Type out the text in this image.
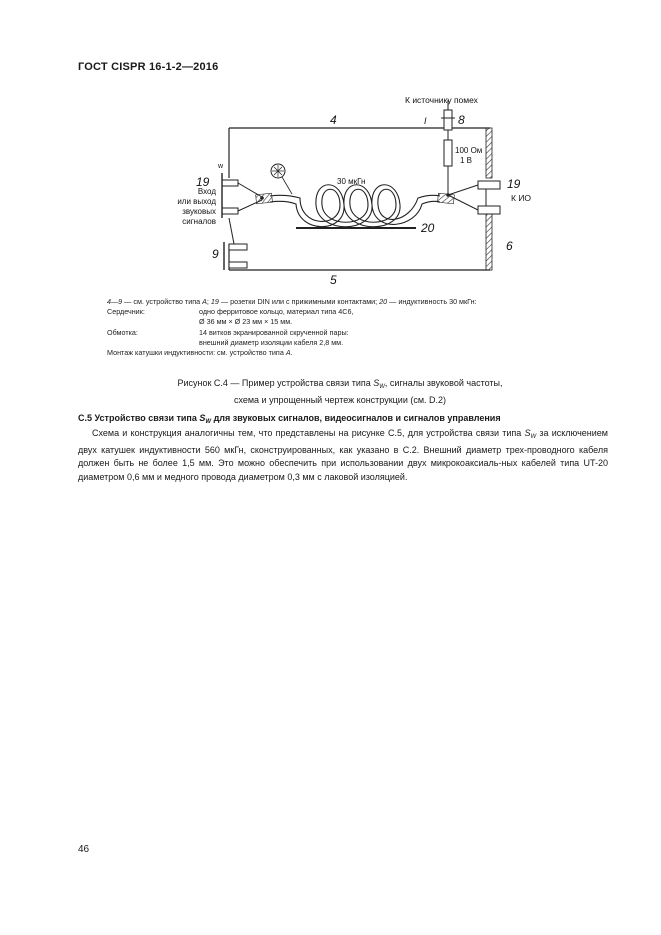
ГОСТ CISPR 16-1-2—2016
К источнику помех
4	I	8
100 Ом
1 В
w
30 мкГн
19	19
К ИО
Вход
или выход
звуковых
сигналов	20
6
9
5
4—9 — см. устройство типа A; 19 — розетки DIN или с прижимными контактами; 20 — индуктивность 30 мкГн:
Сердечник:	одно ферритовое кольцо, материал типа 4С6,
Ø 36 мм × Ø 23 мм × 15 мм.
Обмотка:	14 витков экранированной скрученной пары:
внешний диаметр изоляции кабеля 2,8 мм.
Монтаж катушки индуктивности: см. устройство типа A.
Рисунок С.4 — Пример устройства связи типа $S_W$, сигналы звуковой частоты,
схема и упрощенный чертеж конструкции (см. D.2)
С.5 Устройство связи типа $S_W$ для звуковых сигналов, видеосигналов и сигналов управления
Схема и конструкция аналогичны тем, что представлены на рисунке С.5, для устройства связи типа $S_W$ за исключением двух катушек индуктивности 560 мкГн, сконструированных, как указано в С.2. Внешний диаметр трех-проводного кабеля должен быть не более 1,5 мм. Это можно обеспечить при использовании двух микрокоаксиаль-ных кабелей типа UT-20 диаметром 0,6 мм и медного провода диаметром 0,3 мм с лаковой изоляцией.
46
